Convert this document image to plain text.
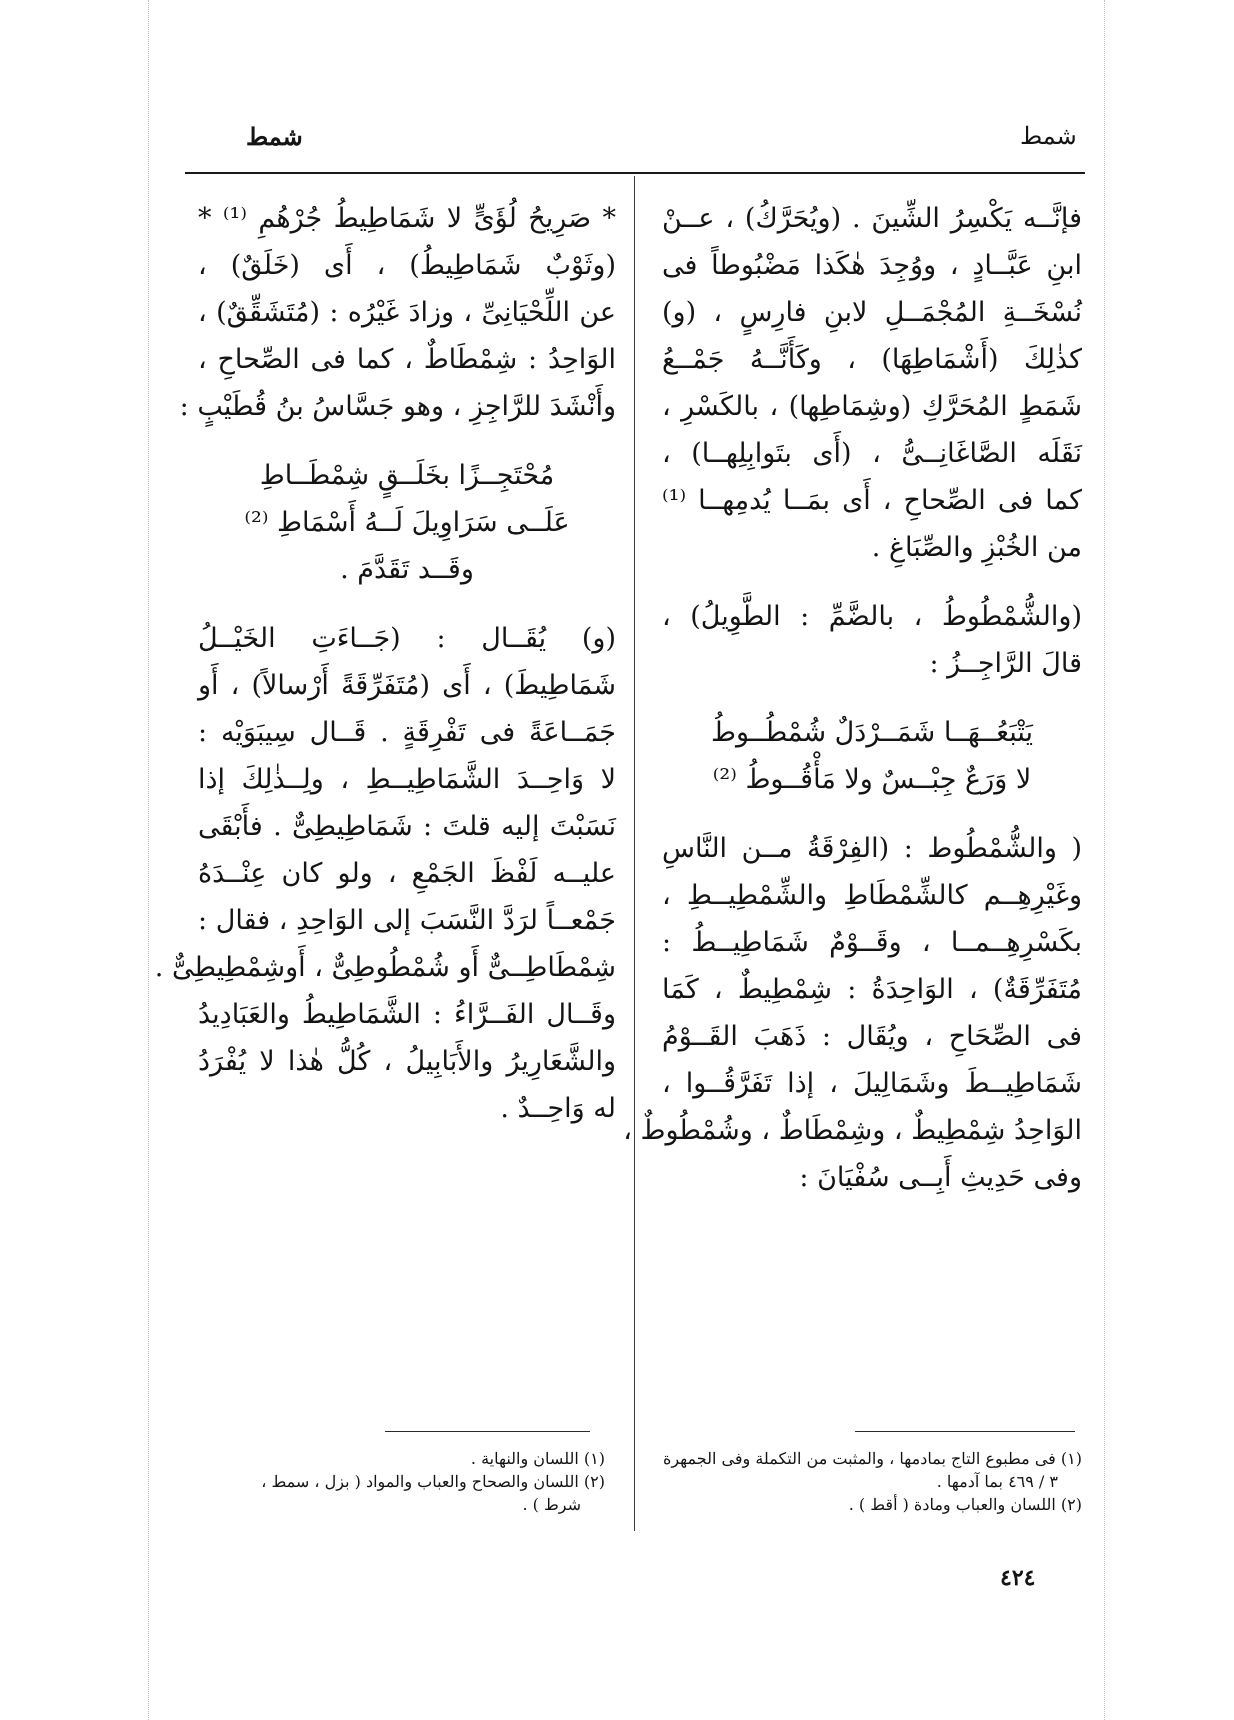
شمط	شمط
فإنَّــه يَكْسِرُ الشِّينَ . (ويُحَرَّكُ) ، عــنْ
ابنِ عَبَّــادٍ ، ووُجِدَ هٰكَذا مَضْبُوطاً فى
نُسْخَــةِ المُجْمَــلِ لابنِ فارِسٍ ، (و)
كذٰلِكَ (أَشْمَاطِهَا) ، وكَأَنَّــهُ جَمْــعُ
شَمَطٍ المُحَرَّكِ (وشِمَاطِها) ، بالكَسْرِ ،
نَقَلَه الصَّاغَانِــىُّ ، (أَى بتَوابِلِهــا) ،
كما فى الصِّحاحِ ، أَى بمَــا يُدمِهــا ⁽¹⁾
من الخُبْزِ والصِّبَاغِ .
(والشُّمْطُوطُ ، بالضَّمِّ : الطَّوِيلُ) ،
قالَ الرَّاجِــزُ :
يَتْبَعُــهَــا شَمَــرْدَلٌ شُمْطُــوطُ
لا وَرَعٌ جِبْــسٌ ولا مَأْقُــوطُ ⁽²⁾
( والشُّمْطُوط : (الفِرْقَةُ مــن النَّاسِ
وغَيْرِهِــم كالشِّمْطَاطِ والشِّمْطِيــطِ ،
بكَسْرِهِــمــا ، وقَــوْمٌ شَمَاطِيــطُ :
مُتَفَرِّقَةٌ) ، الوَاحِدَةُ : شِمْطِيطٌ ، كَمَا
فى الصِّحَاحِ ، ويُقَال : ذَهَبَ القَــوْمُ
شَمَاطِيــطَ وشَمَالِيلَ ، إذا تَفَرَّقُــوا ،
الوَاحِدُ شِمْطِيطٌ ، وشِمْطَاطٌ ، وشُمْطُوطٌ ،
وفى حَدِيثِ أَبِــى سُفْيَانَ :
* صَرِيحُ لُؤَىٍّ لا شَمَاطِيطُ جُرْهُمِ ⁽¹⁾ *
(وثَوْبٌ شَمَاطِيطُ) ، أَى (خَلَقٌ) ،
عن اللِّحْيَانِىِّ ، وزادَ غَيْرُه : (مُتَشَقِّقٌ) ،
الوَاحِدُ : شِمْطَاطٌ ، كما فى الصِّحاحِ ،
وأَنْشَدَ للرَّاجِزِ ، وهو جَسَّاسُ بنُ قُطَيْبٍ :
مُحْتَجِــزًا بخَلَــقٍ شِمْطَــاطِ
عَلَــى سَرَاوِيلَ لَــهُ أَسْمَاطِ ⁽²⁾
وقَــد تَقَدَّمَ .
(و) يُقَــال : (جَــاءَتِ الخَيْــلُ
شَمَاطِيطَ) ، أَى (مُتَفَرِّقَةً أَرْسالاً) ، أَو
جَمَــاعَةً فى تَفْرِقَةٍ . قَــال سِيبَوَيْه :
لا وَاحِــدَ الشَّمَاطِيــطِ ، ولِــذٰلِكَ إذا
نَسَبْتَ إليه قلتَ : شَمَاطِيطِىٌّ . فأَبْقَى
عليــه لَفْظَ الجَمْعِ ، ولو كان عِنْــدَهُ
جَمْعــاً لرَدَّ النَّسَبَ إلى الوَاحِدِ ، فقال :
شِمْطَاطِــىٌّ أَو شُمْطُوطِىٌّ ، أَوشِمْطِيطِىٌّ .
وقَــال الفَــرَّاءُ : الشَّمَاطِيطُ والعَبَادِيدُ
والشَّعَارِيرُ والأَبَابِيلُ ، كُلُّ هٰذا لا يُفْرَدُ
له وَاحِــدٌ .
(١) فى مطبوع التاج بمادمها ، والمثبت من التكملة وفى الجمهرة
٣ / ٤٦٩ بما آدمها .
(٢) اللسان والعباب ومادة ( أقط ) .
(١) اللسان والنهاية .
(٢) اللسان والصحاح والعباب والمواد ( بزل ، سمط ،
شرط ) .
٤٢٤
